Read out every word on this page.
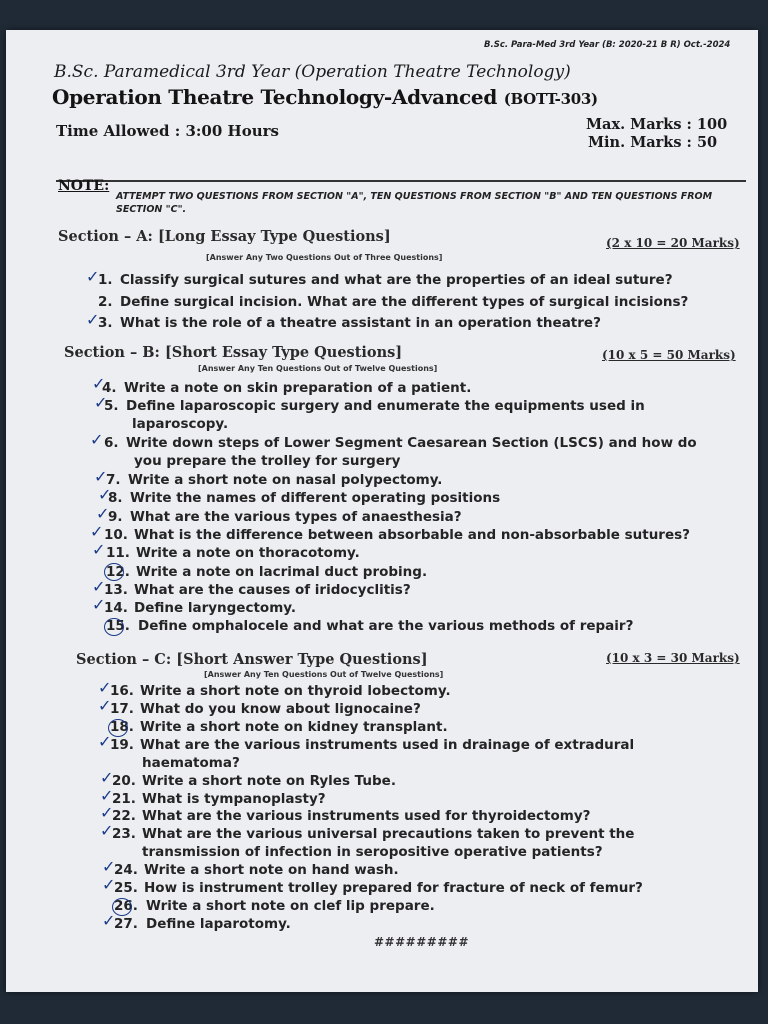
B.Sc. Para-Med 3rd Year (B: 2020-21 B R) Oct.-2024
B.Sc. Paramedical 3rd Year (Operation Theatre Technology)
Operation Theatre Technology-Advanced (BOTT-303)
Time Allowed : 3:00 Hours	Max. Marks : 100
Min. Marks : 50
NOTE:
ATTEMPT TWO QUESTIONS FROM SECTION "A", TEN QUESTIONS FROM SECTION "B" AND TEN QUESTIONS FROM SECTION "C".
Section – A: [Long Essay Type Questions]	(2 x 10 = 20 Marks)
[Answer Any Two Questions Out of Three Questions]
1. Classify surgical sutures and what are the properties of an ideal suture?
2. Define surgical incision. What are the different types of surgical incisions?
3. What is the role of a theatre assistant in an operation theatre?
Section – B: [Short Essay Type Questions]	(10 x 5 = 50 Marks)
[Answer Any Ten Questions Out of Twelve Questions]
4. Write a note on skin preparation of a patient.
5. Define laparoscopic surgery and enumerate the equipments used in
laparoscopy.
6. Write down steps of Lower Segment Caesarean Section (LSCS) and how do
you prepare the trolley for surgery
7. Write a short note on nasal polypectomy.
8. Write the names of different operating positions
9. What are the various types of anaesthesia?
10. What is the difference between absorbable and non-absorbable sutures?
11. Write a note on thoracotomy.
12. Write a note on lacrimal duct probing.
13. What are the causes of iridocyclitis?
14. Define laryngectomy.
15. Define omphalocele and what are the various methods of repair?
Section – C: [Short Answer Type Questions]	(10 x 3 = 30 Marks)
[Answer Any Ten Questions Out of Twelve Questions]
16. Write a short note on thyroid lobectomy.
17. What do you know about lignocaine?
18. Write a short note on kidney transplant.
19. What are the various instruments used in drainage of extradural
haematoma?
20. Write a short note on Ryles Tube.
21. What is tympanoplasty?
22. What are the various instruments used for thyroidectomy?
23. What are the various universal precautions taken to prevent the
transmission of infection in seropositive operative patients?
24. Write a short note on hand wash.
25. How is instrument trolley prepared for fracture of neck of femur?
26. Write a short note on clef lip prepare.
27. Define laparotomy.
#########
✓
✓
✓
✓
✓
✓
✓
✓
✓
✓
✓
✓
✓
✓
✓
✓
✓
✓
✓
✓
✓
✓
